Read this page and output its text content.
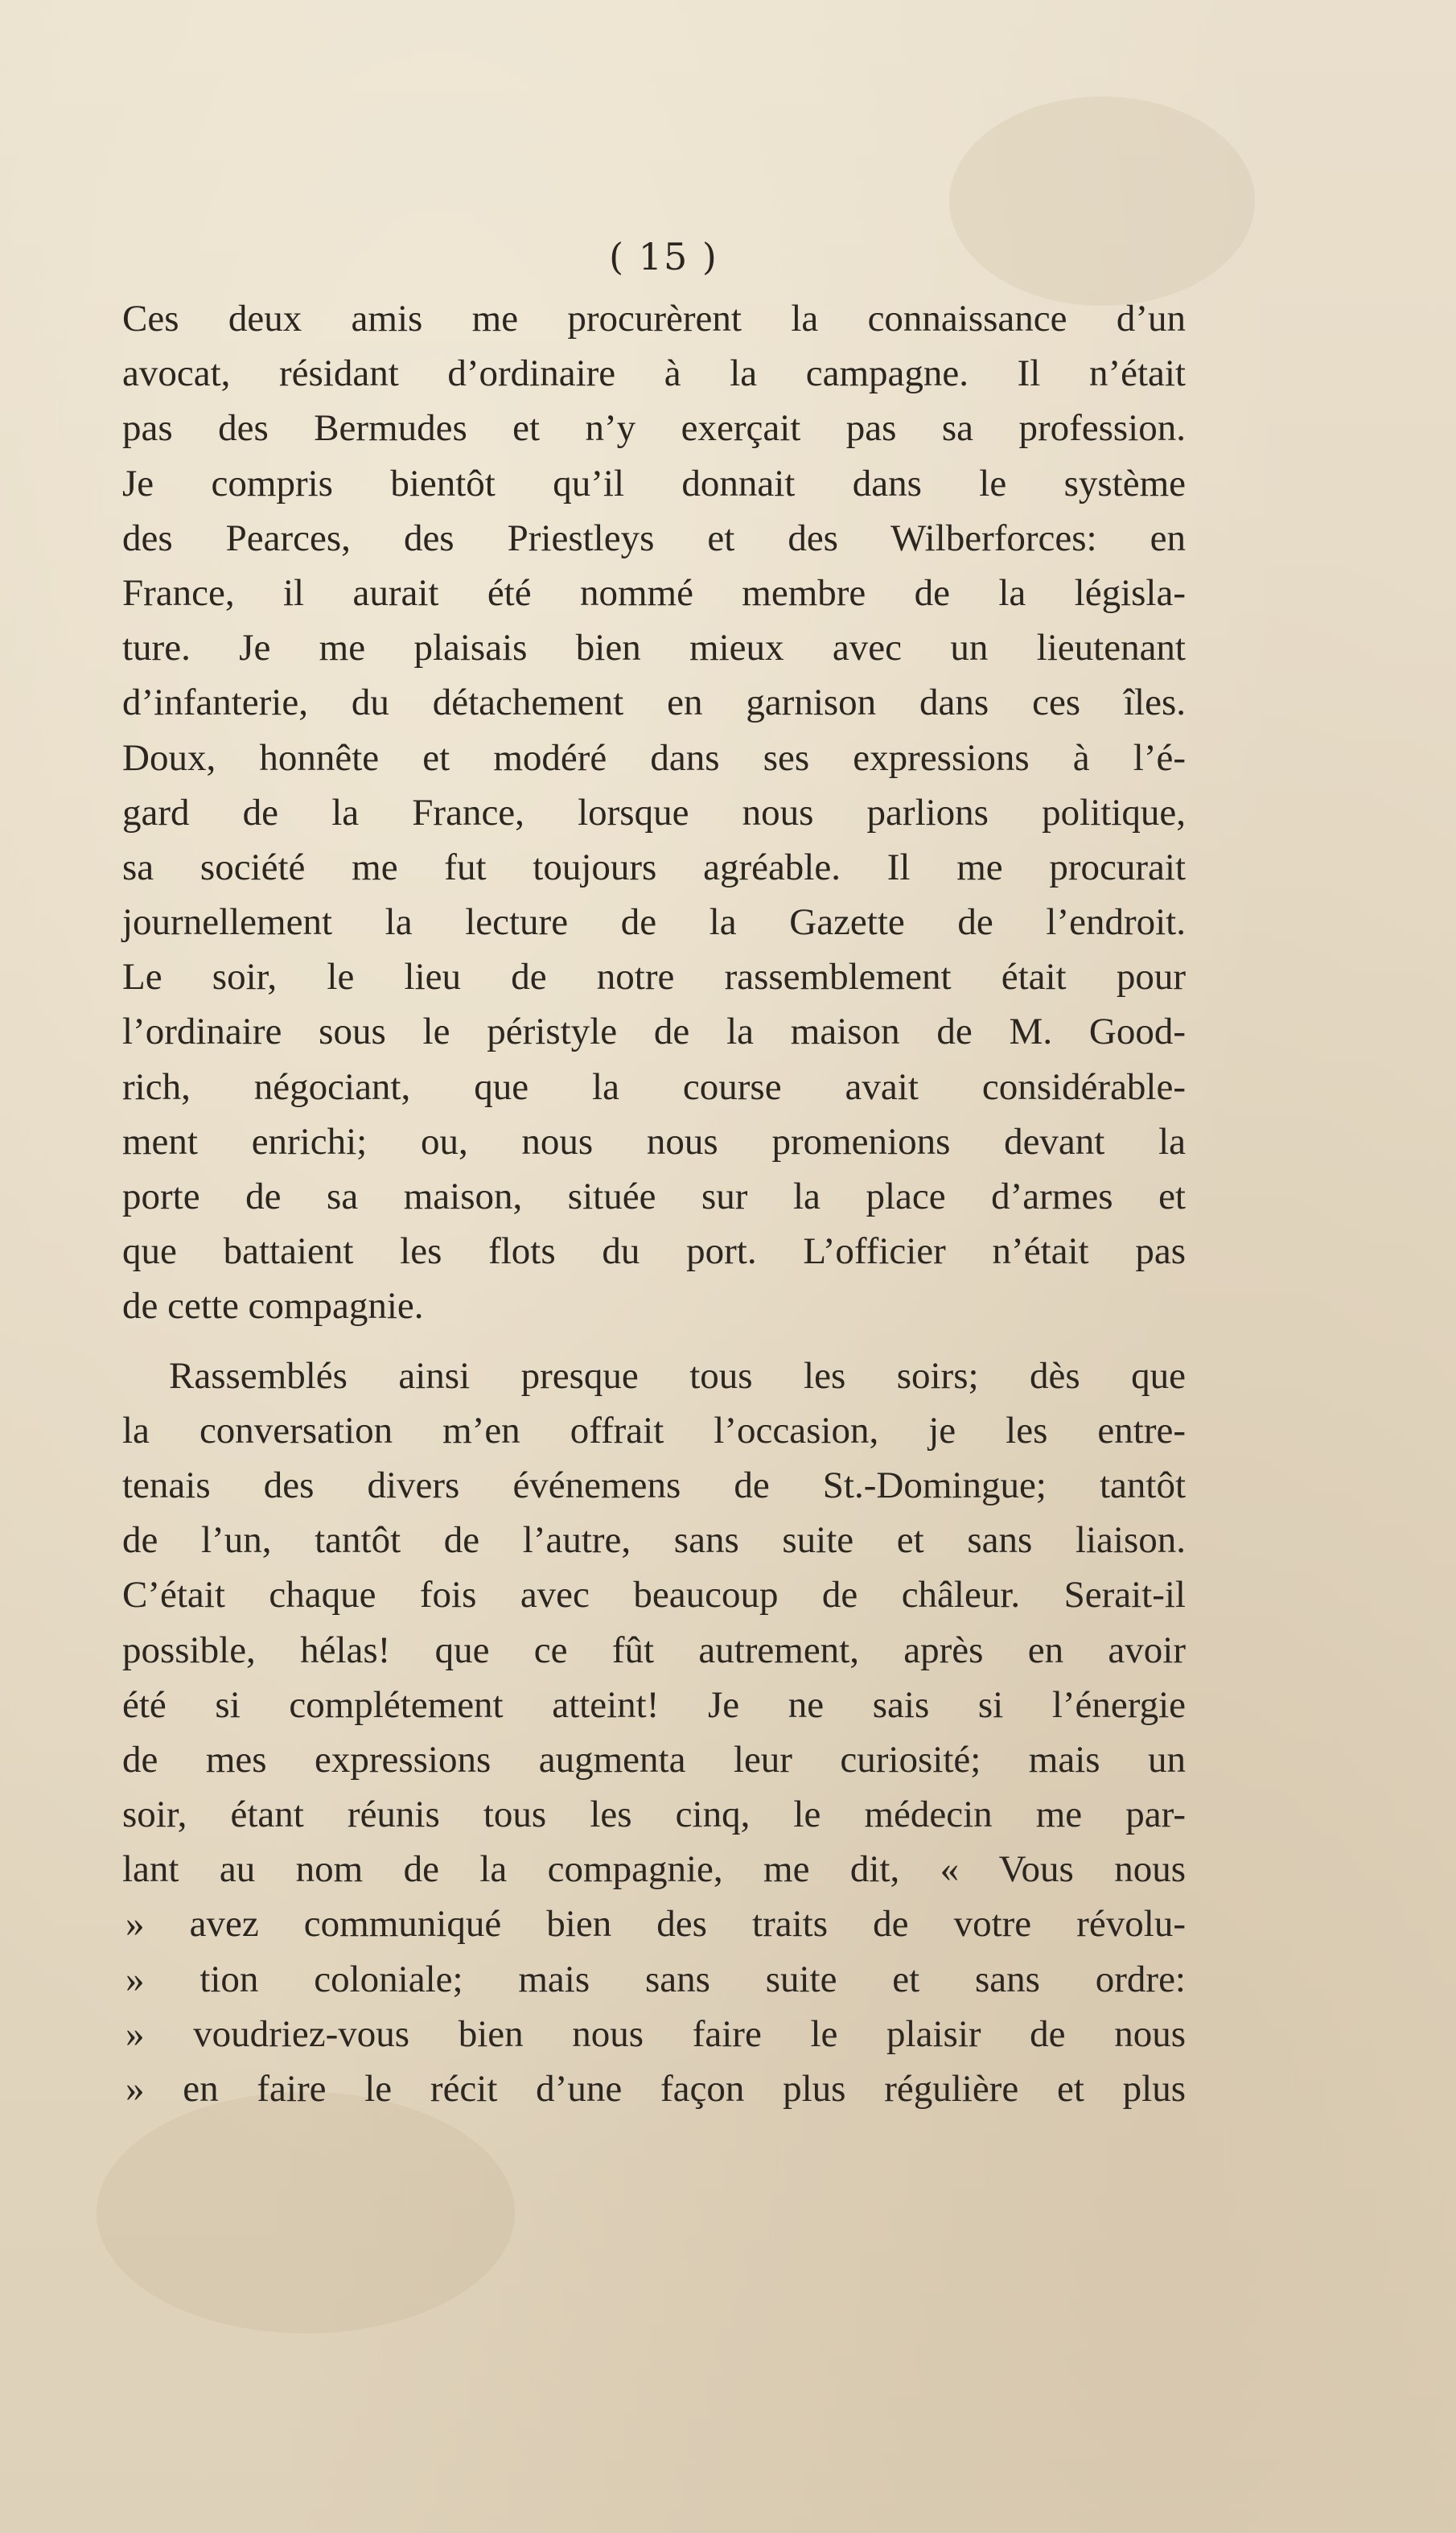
( 15 )
Ces deux amis me procurèrent la connaissance d’un
avocat, résidant d’ordinaire à la campagne. Il n’était
pas des Bermudes et n’y exerçait pas sa profession.
Je compris bientôt qu’il donnait dans le système
des Pearces, des Priestleys et des Wilberforces: en
France, il aurait été nommé membre de la législa-
ture. Je me plaisais bien mieux avec un lieutenant
d’infanterie, du détachement en garnison dans ces îles.
Doux, honnête et modéré dans ses expressions à l’é-
gard de la France, lorsque nous parlions politique,
sa société me fut toujours agréable. Il me procurait
journellement la lecture de la Gazette de l’endroit.
Le soir, le lieu de notre rassemblement était pour
l’ordinaire sous le péristyle de la maison de M. Good-
rich, négociant, que la course avait considérable-
ment enrichi; ou, nous nous promenions devant la
porte de sa maison, située sur la place d’armes et
que battaient les flots du port. L’officier n’était pas
de cette compagnie.
Rassemblés ainsi presque tous les soirs; dès que
la conversation m’en offrait l’occasion, je les entre-
tenais des divers événemens de St.-Domingue; tantôt
de l’un, tantôt de l’autre, sans suite et sans liaison.
C’était chaque fois avec beaucoup de châleur. Serait-il
possible, hélas! que ce fût autrement, après en avoir
été si complétement atteint! Je ne sais si l’énergie
de mes expressions augmenta leur curiosité; mais un
soir, étant réunis tous les cinq, le médecin me par-
lant au nom de la compagnie, me dit, « Vous nous
» avez communiqué bien des traits de votre révolu-
» tion coloniale; mais sans suite et sans ordre:
» voudriez-vous bien nous faire le plaisir de nous
» en faire le récit d’une façon plus régulière et plus
